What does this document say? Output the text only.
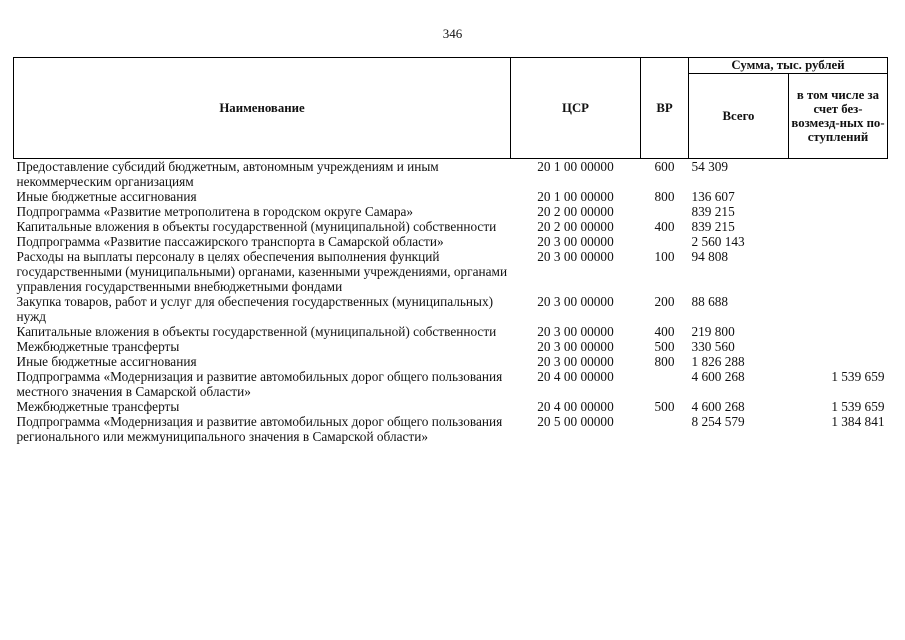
346
Наименование	ЦСР	ВР	Сумма, тыс. рублей	
			Всего	в том числе за счет без-возмезд-ных по-ступлений
Предоставление субсидий бюджетным, автономным учреждениям и иным некоммерческим организациям	20 1 00 00000	600	54 309	
Иные бюджетные ассигнования	20 1 00 00000	800	136 607	
Подпрограмма «Развитие метрополитена в городском округе Самара»	20 2 00 00000		839 215	
Капитальные вложения в объекты государственной (муниципальной) собственности	20 2 00 00000	400	839 215	
Подпрограмма «Развитие пассажирского транспорта в Самарской области»	20 3 00 00000		2 560 143	
Расходы на выплаты персоналу в целях обеспечения выполнения функций государственными (муниципальными) органами, казенными учреждениями, органами управления государственными внебюджетными фондами	20 3 00 00000	100	94 808	
Закупка товаров, работ и услуг для обеспечения государственных (муниципальных) нужд	20 3 00 00000	200	88 688	
Капитальные вложения в объекты государственной (муниципальной) собственности	20 3 00 00000	400	219 800	
Межбюджетные трансферты	20 3 00 00000	500	330 560	
Иные бюджетные ассигнования	20 3 00 00000	800	1 826 288	
Подпрограмма «Модернизация и развитие автомобильных дорог общего пользования местного значения в Самарской области»	20 4 00 00000		4 600 268	1 539 659
Межбюджетные трансферты	20 4 00 00000	500	4 600 268	1 539 659
Подпрограмма «Модернизация и развитие автомобильных дорог общего пользования регионального или межмуниципального значения в Самарской области»	20 5 00 00000		8 254 579	1 384 841
